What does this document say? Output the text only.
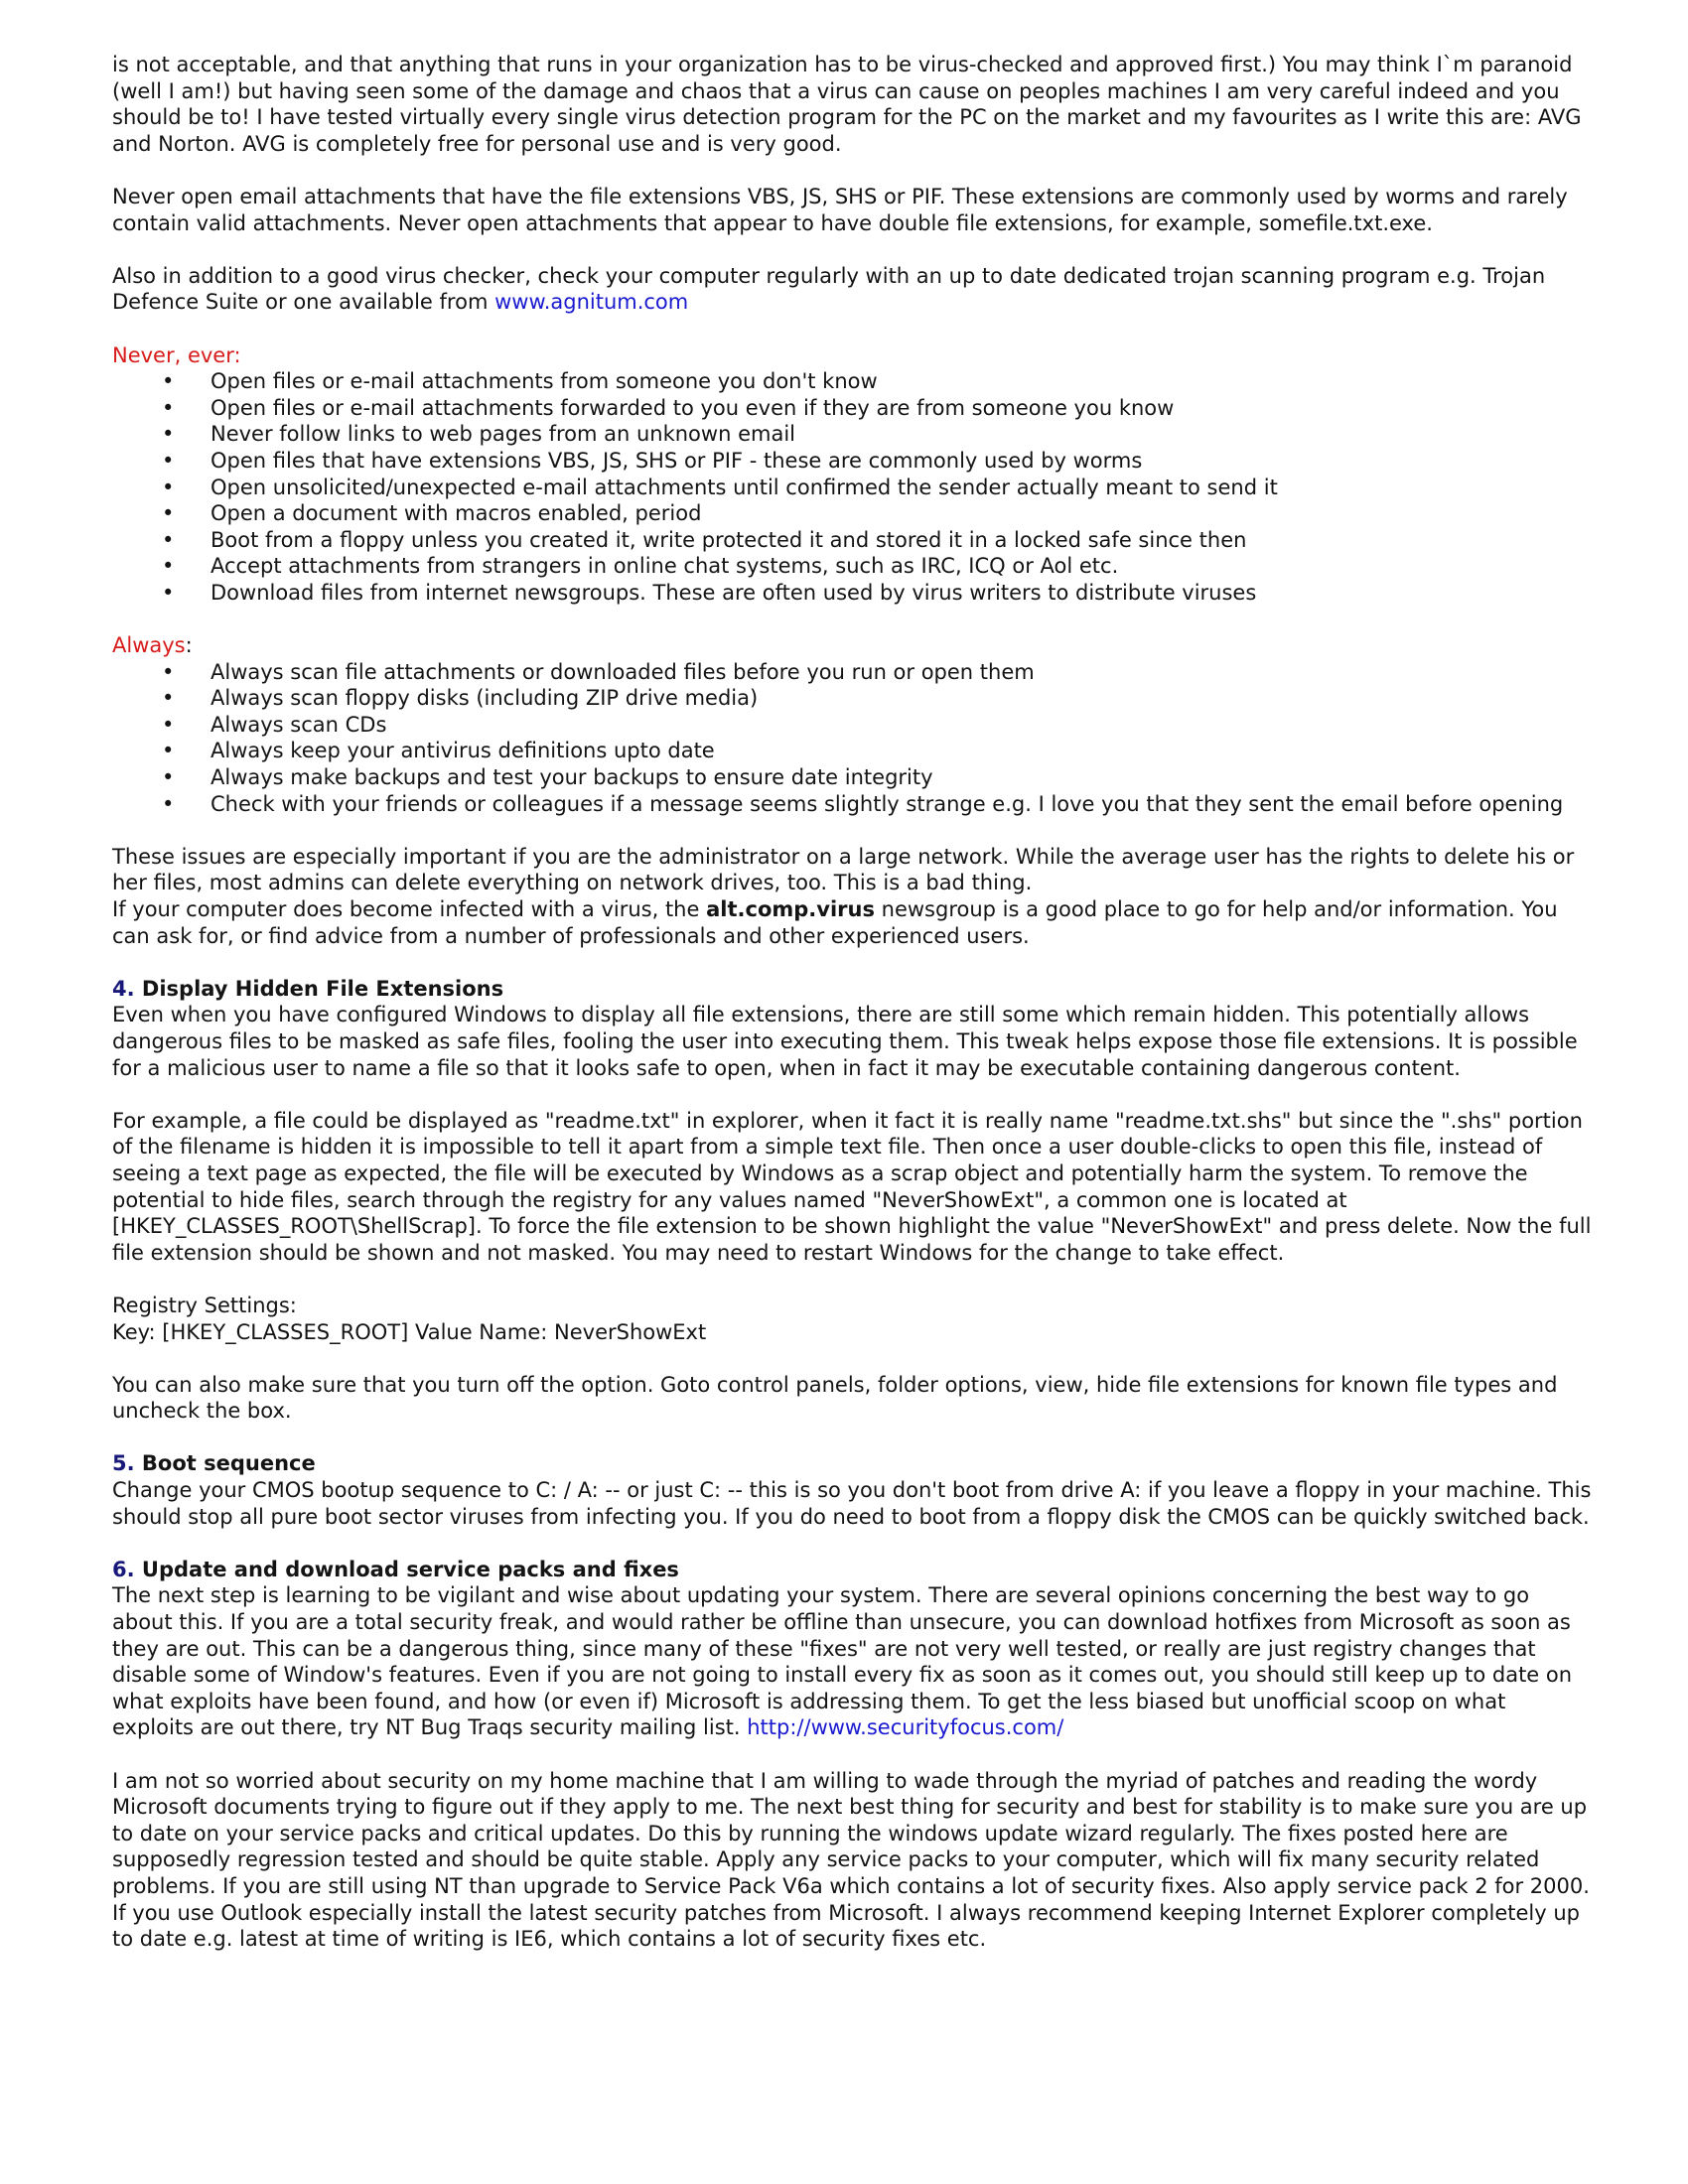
is not acceptable, and that anything that runs in your organization has to be virus-checked and approved first.) You may think I`m paranoid (well I am!) but having seen some of the damage and chaos that a virus can cause on peoples machines I am very careful indeed and you should be to! I have tested virtually every single virus detection program for the PC on the market and my favourites as I write this are: AVG and Norton. AVG is completely free for personal use and is very good.

Never open email attachments that have the file extensions VBS, JS, SHS or PIF. These extensions are commonly used by worms and rarely contain valid attachments. Never open attachments that appear to have double file extensions, for example, somefile.txt.exe.

Also in addition to a good virus checker, check your computer regularly with an up to date dedicated trojan scanning program e.g. Trojan Defence Suite or one available from www.agnitum.com

Never, ever:
• Open files or e-mail attachments from someone you don't know
• Open files or e-mail attachments forwarded to you even if they are from someone you know
• Never follow links to web pages from an unknown email
• Open files that have extensions VBS, JS, SHS or PIF - these are commonly used by worms
• Open unsolicited/unexpected e-mail attachments until confirmed the sender actually meant to send it
• Open a document with macros enabled, period
• Boot from a floppy unless you created it, write protected it and stored it in a locked safe since then
• Accept attachments from strangers in online chat systems, such as IRC, ICQ or Aol etc.
• Download files from internet newsgroups. These are often used by virus writers to distribute viruses
Always:
• Always scan file attachments or downloaded files before you run or open them
• Always scan floppy disks (including ZIP drive media)
• Always scan CDs
• Always keep your antivirus definitions upto date
• Always make backups and test your backups to ensure date integrity
• Check with your friends or colleagues if a message seems slightly strange e.g. I love you that they sent the email before opening

These issues are especially important if you are the administrator on a large network. While the average user has the rights to delete his or her files, most admins can delete everything on network drives, too. This is a bad thing.

If your computer does become infected with a virus, the alt.comp.virus newsgroup is a good place to go for help and/or information. You can ask for, or find advice from a number of professionals and other experienced users.

4. Display Hidden File Extensions

Even when you have configured Windows to display all file extensions, there are still some which remain hidden. This potentially allows dangerous files to be masked as safe files, fooling the user into executing them. This tweak helps expose those file extensions. It is possible for a malicious user to name a file so that it looks safe to open, when in fact it may be executable containing dangerous content.

For example, a file could be displayed as "readme.txt" in explorer, when it fact it is really name "readme.txt.shs" but since the ".shs" portion of the filename is hidden it is impossible to tell it apart from a simple text file. Then once a user double-clicks to open this file, instead of seeing a text page as expected, the file will be executed by Windows as a scrap object and potentially harm the system. To remove the potential to hide files, search through the registry for any values named "NeverShowExt", a common one is located at [HKEY_CLASSES_ROOT\ShellScrap]. To force the file extension to be shown highlight the value "NeverShowExt" and press delete. Now the full file extension should be shown and not masked. You may need to restart Windows for the change to take effect.

Registry Settings:

Key: [HKEY_CLASSES_ROOT] Value Name: NeverShowExt

You can also make sure that you turn off the option. Goto control panels, folder options, view, hide file extensions for known file types and uncheck the box.

5. Boot sequence

Change your CMOS bootup sequence to C: / A: -- or just C: -- this is so you don't boot from drive A: if you leave a floppy in your machine. This should stop all pure boot sector viruses from infecting you. If you do need to boot from a floppy disk the CMOS can be quickly switched back.

6. Update and download service packs and fixes

The next step is learning to be vigilant and wise about updating your system. There are several opinions concerning the best way to go about this. If you are a total security freak, and would rather be offline than unsecure, you can download hotfixes from Microsoft as soon as they are out. This can be a dangerous thing, since many of these "fixes" are not very well tested, or really are just registry changes that disable some of Window's features. Even if you are not going to install every fix as soon as it comes out, you should still keep up to date on what exploits have been found, and how (or even if) Microsoft is addressing them. To get the less biased but unofficial scoop on what exploits are out there, try NT Bug Traqs security mailing list. http://www.securityfocus.com/

I am not so worried about security on my home machine that I am willing to wade through the myriad of patches and reading the wordy Microsoft documents trying to figure out if they apply to me. The next best thing for security and best for stability is to make sure you are up to date on your service packs and critical updates. Do this by running the windows update wizard regularly. The fixes posted here are supposedly regression tested and should be quite stable. Apply any service packs to your computer, which will fix many security related problems. If you are still using NT than upgrade to Service Pack V6a which contains a lot of security fixes. Also apply service pack 2 for 2000. If you use Outlook especially install the latest security patches from Microsoft. I always recommend keeping Internet Explorer completely up to date e.g. latest at time of writing is IE6, which contains a lot of security fixes etc.
